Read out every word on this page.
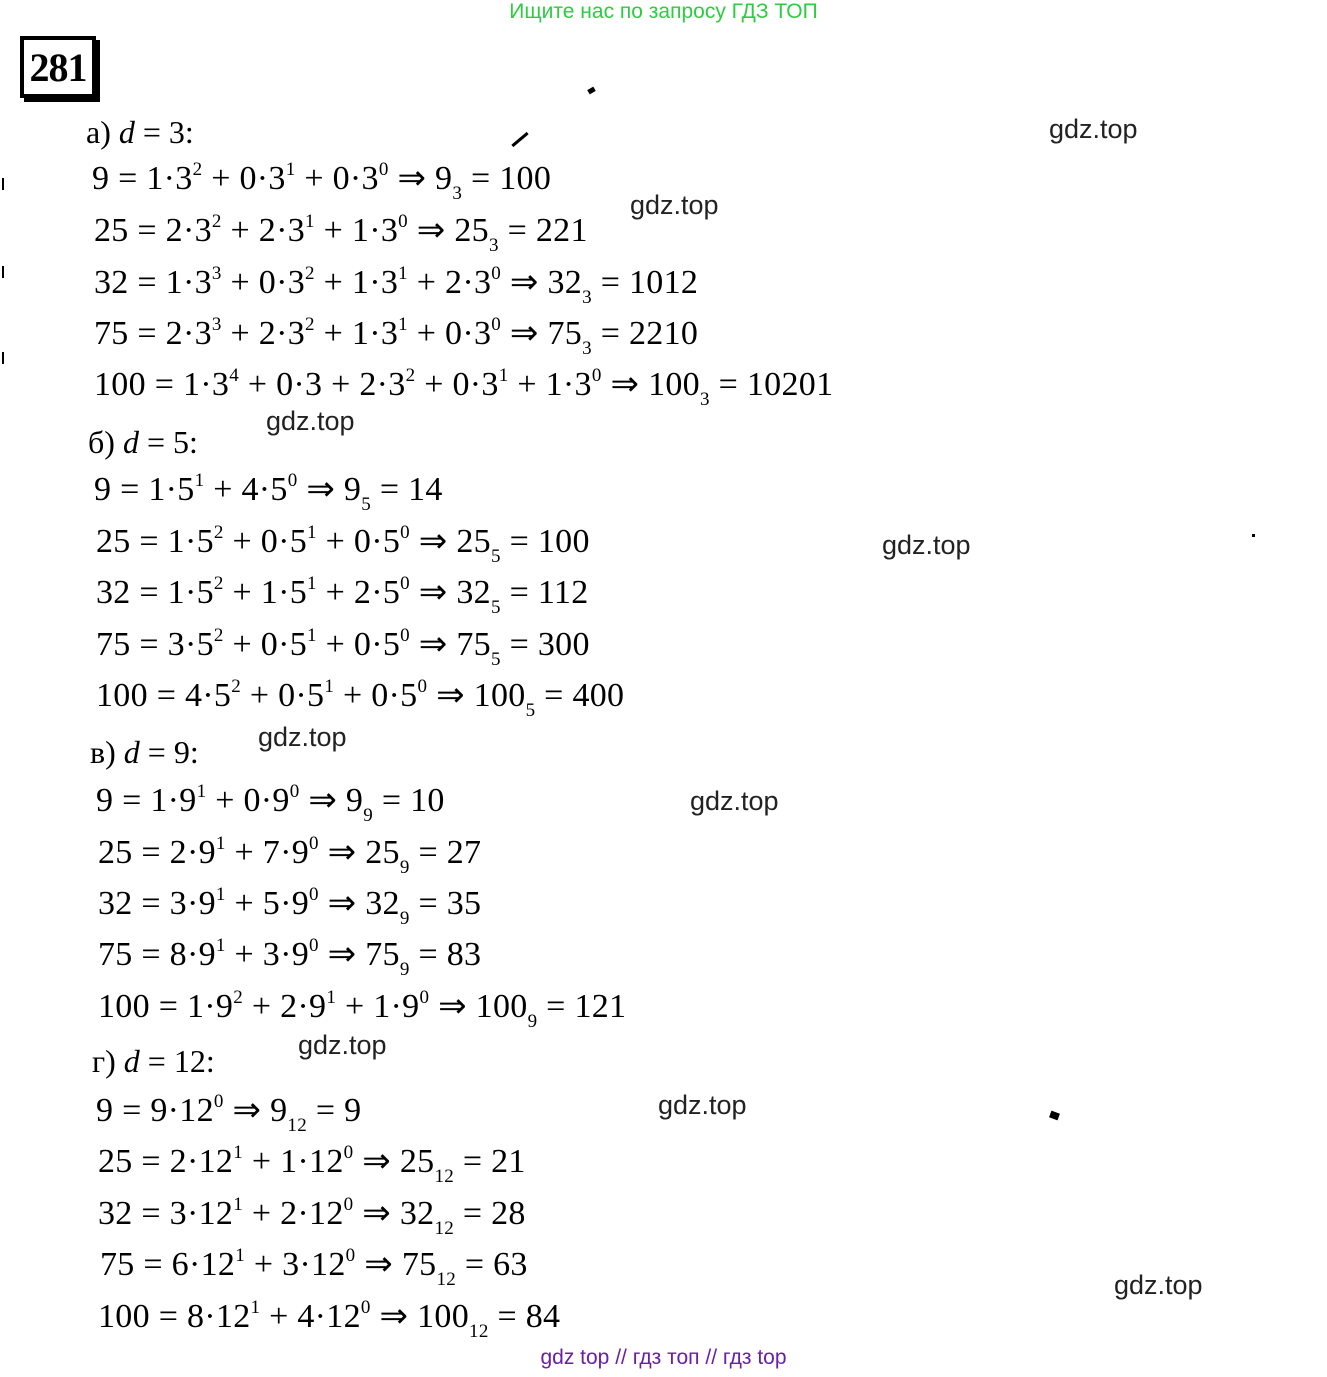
Ищите нас по запросу ГДЗ ТОП
281
а) d = 3:
б) d = 5:
в) d = 9:
г) d = 12:
$9 = 1\cdot 3^2 + 0\cdot 3^1 + 0\cdot 3^0$ ⇒ $9_3 = 100$
$25 = 2\cdot 3^2 + 2\cdot 3^1 + 1\cdot 3^0$ ⇒ $25_3 = 221$
$32 = 1\cdot 3^3 + 0\cdot 3^2 + 1\cdot 3^1 + 2\cdot 3^0$ ⇒ $32_3 = 1012$
$75 = 2\cdot 3^3 + 2\cdot 3^2 + 1\cdot 3^1 + 0\cdot 3^0$ ⇒ $75_3 = 2210$
$100 = 1\cdot 3^4 + 0\cdot 3 + 2\cdot 3^2 + 0\cdot 3^1 + 1\cdot 3^0$ ⇒ $100_3 = 10201$
$9 = 1\cdot 5^1 + 4\cdot 5^0$ ⇒ $9_5 = 14$
$25 = 1\cdot 5^2 + 0\cdot 5^1 + 0\cdot 5^0$ ⇒ $25_5 = 100$
$32 = 1\cdot 5^2 + 1\cdot 5^1 + 2\cdot 5^0$ ⇒ $32_5 = 112$
$75 = 3\cdot 5^2 + 0\cdot 5^1 + 0\cdot 5^0$ ⇒ $75_5 = 300$
$100 = 4\cdot 5^2 + 0\cdot 5^1 + 0\cdot 5^0$ ⇒ $100_5 = 400$
$9 = 1\cdot 9^1 + 0\cdot 9^0$ ⇒ $9_9 = 10$
$25 = 2\cdot 9^1 + 7\cdot 9^0$ ⇒ $25_9 = 27$
$32 = 3\cdot 9^1 + 5\cdot 9^0$ ⇒ $32_9 = 35$
$75 = 8\cdot 9^1 + 3\cdot 9^0$ ⇒ $75_9 = 83$
$100 = 1\cdot 9^2 + 2\cdot 9^1 + 1\cdot 9^0$ ⇒ $100_9 = 121$
$9 = 9\cdot 12^0$ ⇒ $9_{12} = 9$
$25 = 2\cdot 12^1 + 1\cdot 12^0$ ⇒ $25_{12} = 21$
$32 = 3\cdot 12^1 + 2\cdot 12^0$ ⇒ $32_{12} = 28$
$75 = 6\cdot 12^1 + 3\cdot 12^0$ ⇒ $75_{12} = 63$
$100 = 8\cdot 12^1 + 4\cdot 12^0$ ⇒ $100_{12} = 84$
gdz.top
gdz.top
gdz.top
gdz.top
gdz.top
gdz.top
gdz.top
gdz.top
gdz.top
gdz top // гдз топ // гдз top
